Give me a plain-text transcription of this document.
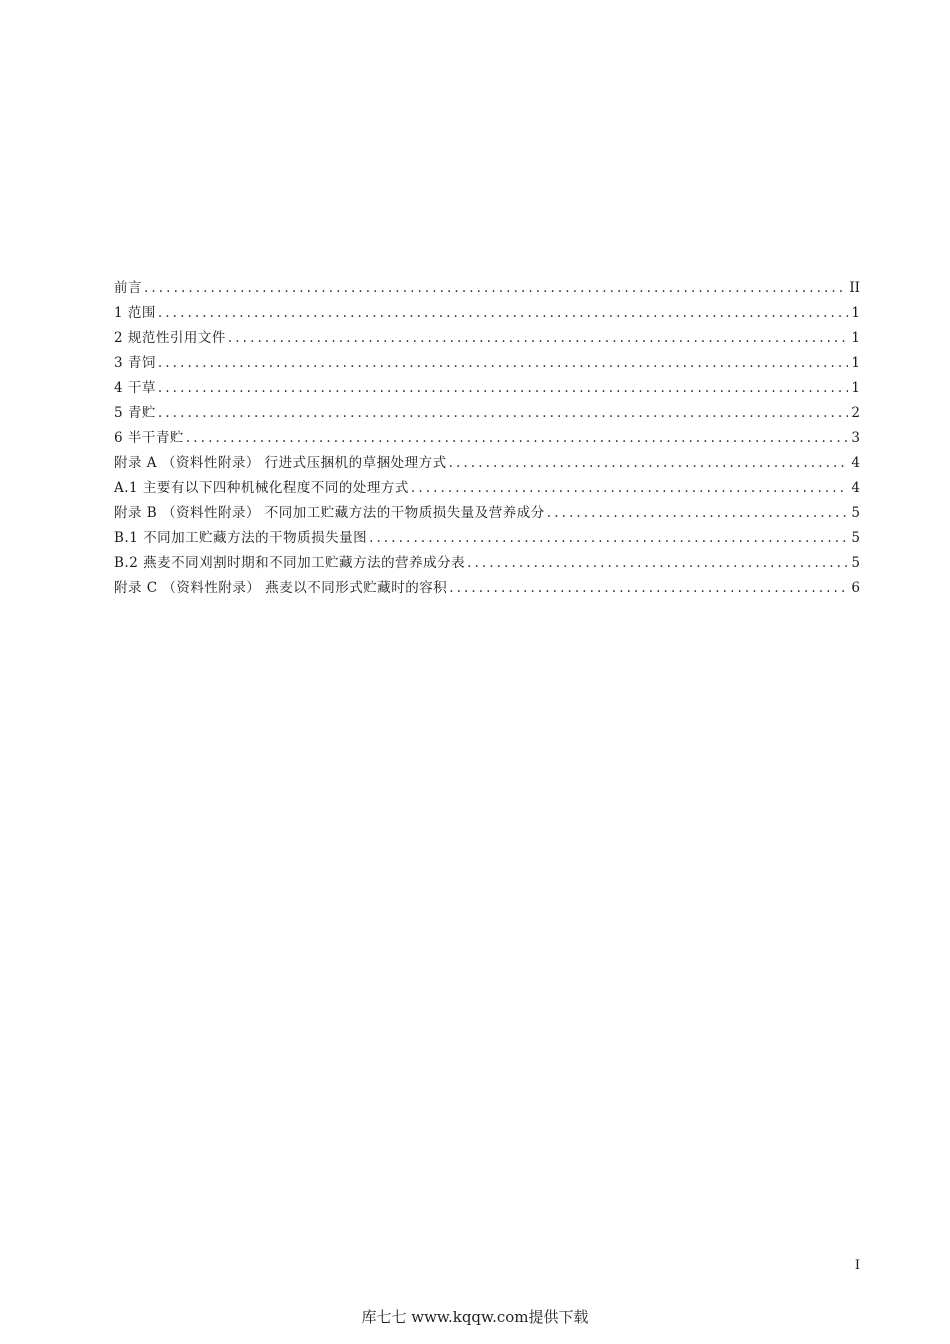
前言 .....	II
1 范围 .....	1
2 规范性引用文件 .....	1
3 青饲 .....	1
4 干草 .....	1
5 青贮 .....	2
6 半干青贮 .....	3
附录 A （资料性附录） 行进式压捆机的草捆处理方式 .....	4
A.1 主要有以下四种机械化程度不同的处理方式 .....	4
附录 B （资料性附录） 不同加工贮藏方法的干物质损失量及营养成分 .....	5
B.1 不同加工贮藏方法的干物质损失量图 .....	5
B.2 燕麦不同刈割时期和不同加工贮藏方法的营养成分表 .....	5
附录 C （资料性附录） 燕麦以不同形式贮藏时的容积 .....	6
I
库七七 www.kqqw.com提供下载
